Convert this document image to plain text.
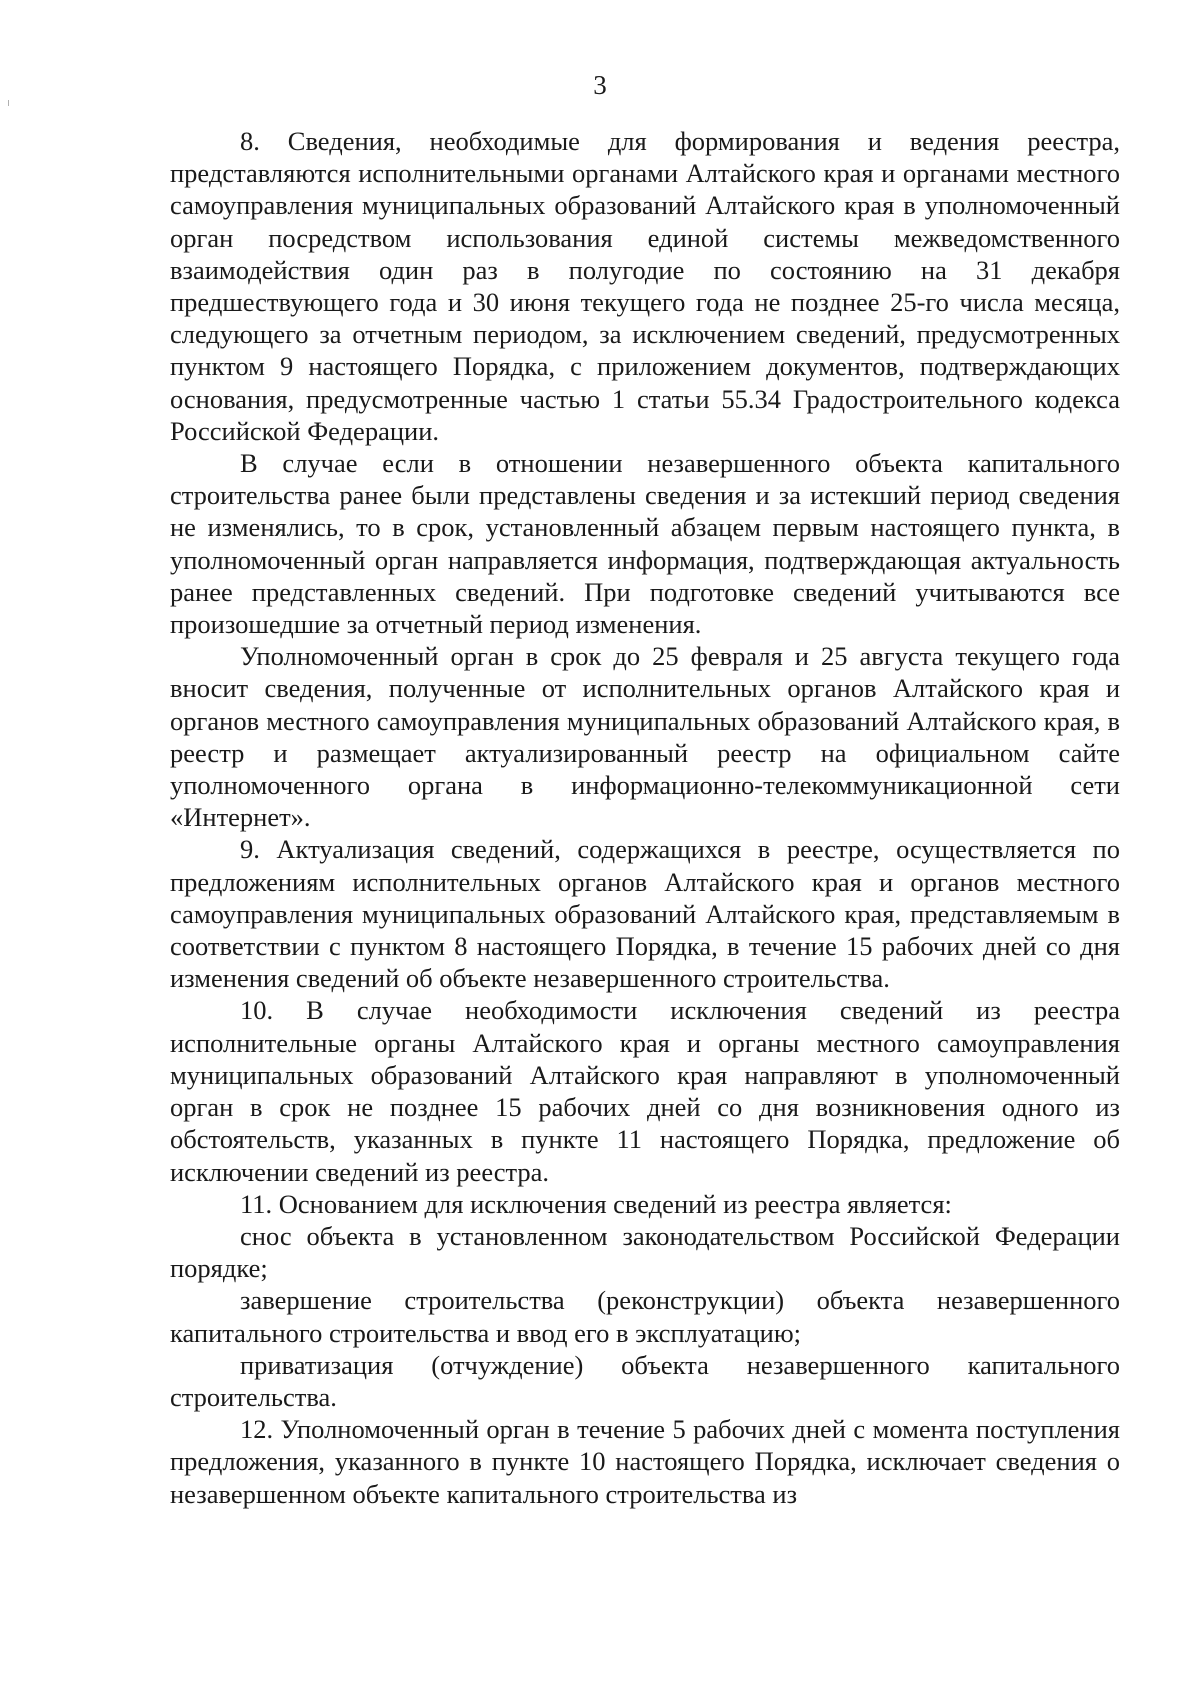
3

8. Сведения, необходимые для формирования и ведения реестра, представляются исполнительными органами Алтайского края и органами местного самоуправления муниципальных образований Алтайского края в уполномоченный орган посредством использования единой системы межведомственного взаимодействия один раз в полугодие по состоянию на 31 декабря предшествующего года и 30 июня текущего года не позднее 25-го числа месяца, следующего за отчетным периодом, за исключением сведений, предусмотренных пунктом 9 настоящего Порядка, с приложением документов, подтверждающих основания, предусмотренные частью 1 статьи 55.34 Градостроительного кодекса Российской Федерации.

В случае если в отношении незавершенного объекта капитального строительства ранее были представлены сведения и за истекший период сведения не изменялись, то в срок, установленный абзацем первым настоящего пункта, в уполномоченный орган направляется информация, подтверждающая актуальность ранее представленных сведений. При подготовке сведений учитываются все произошедшие за отчетный период изменения.

Уполномоченный орган в срок до 25 февраля и 25 августа текущего года вносит сведения, полученные от исполнительных органов Алтайского края и органов местного самоуправления муниципальных образований Алтайского края, в реестр и размещает актуализированный реестр на официальном сайте уполномоченного органа в информационно-телекоммуникационной сети «Интернет».

9. Актуализация сведений, содержащихся в реестре, осуществляется по предложениям исполнительных органов Алтайского края и органов местного самоуправления муниципальных образований Алтайского края, представляемым в соответствии с пунктом 8 настоящего Порядка, в течение 15 рабочих дней со дня изменения сведений об объекте незавершенного строительства.

10. В случае необходимости исключения сведений из реестра исполнительные органы Алтайского края и органы местного самоуправления муниципальных образований Алтайского края направляют в уполномоченный орган в срок не позднее 15 рабочих дней со дня возникновения одного из обстоятельств, указанных в пункте 11 настоящего Порядка, предложение об исключении сведений из реестра.

11. Основанием для исключения сведений из реестра является:

снос объекта в установленном законодательством Российской Федерации порядке;

завершение строительства (реконструкции) объекта незавершенного капитального строительства и ввод его в эксплуатацию;

приватизация (отчуждение) объекта незавершенного капитального строительства.

12. Уполномоченный орган в течение 5 рабочих дней с момента поступления предложения, указанного в пункте 10 настоящего Порядка, исключает сведения о незавершенном объекте капитального строительства из
